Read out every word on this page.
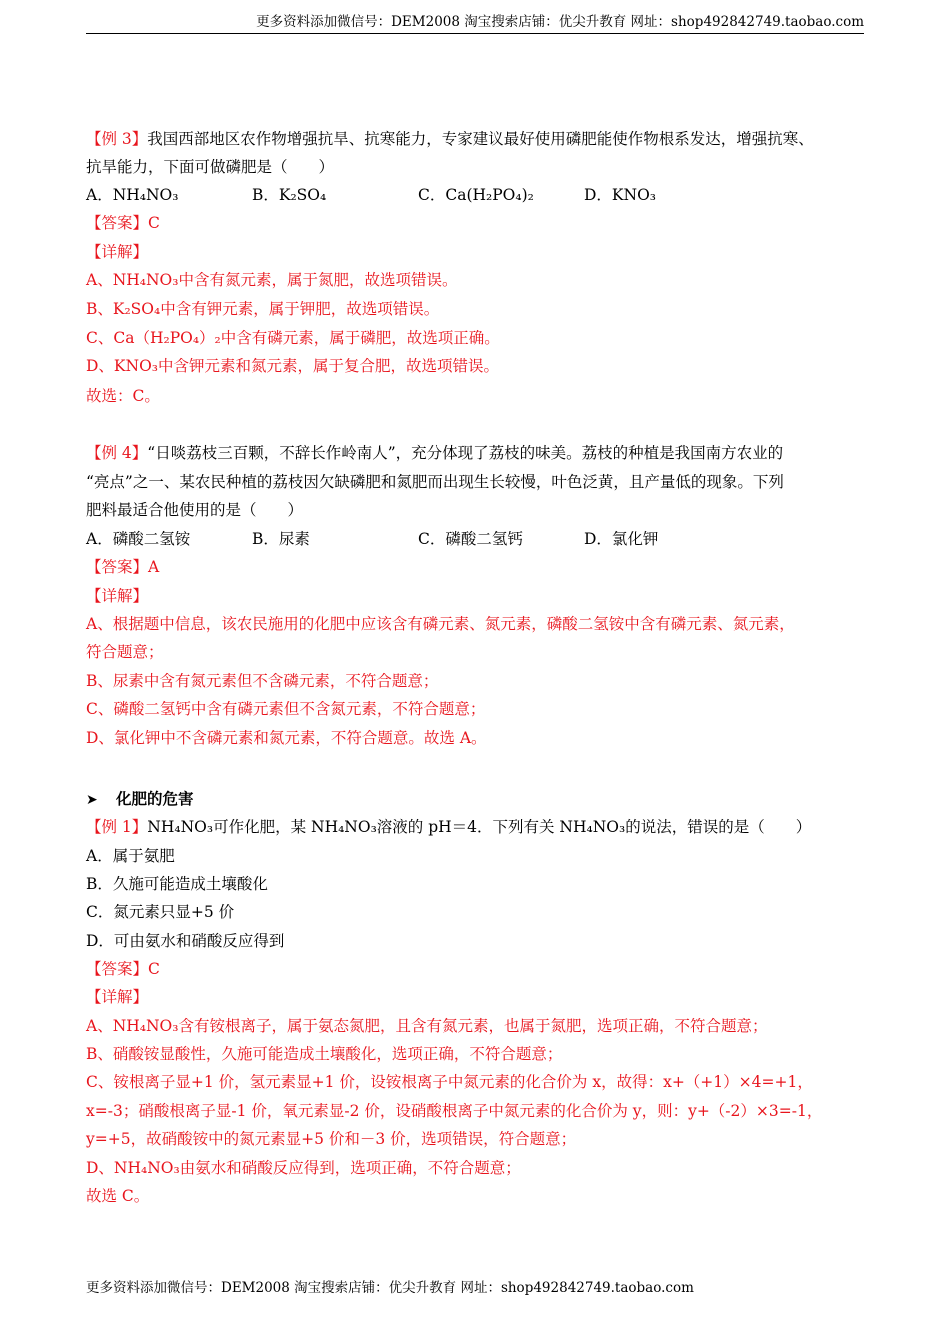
更多资料添加微信号：DEM2008 淘宝搜索店铺：优尖升教育 网址：shop492842749.taobao.com
【例 3】我国西部地区农作物增强抗旱、抗寒能力，专家建议最好使用磷肥能使作物根系发达，增强抗寒、
抗旱能力，下面可做磷肥是（　　）
A．NH₄NO₃	B．K₂SO₄	C．Ca(H₂PO₄)₂	D．KNO₃
【答案】C
【详解】
A、NH₄NO₃中含有氮元素，属于氮肥，故选项错误。
B、K₂SO₄中含有钾元素，属于钾肥，故选项错误。
C、Ca（H₂PO₄）₂中含有磷元素，属于磷肥，故选项正确。
D、KNO₃中含钾元素和氮元素，属于复合肥，故选项错误。
故选：C。
【例 4】“日啖荔枝三百颗，不辞长作岭南人”，充分体现了荔枝的味美。荔枝的种植是我国南方农业的
“亮点”之一、某农民种植的荔枝因欠缺磷肥和氮肥而出现生长较慢，叶色泛黄，且产量低的现象。下列
肥料最适合他使用的是（　　）
A．磷酸二氢铵	B．尿素	C．磷酸二氢钙	D．氯化钾
【答案】A
【详解】
A、根据题中信息，该农民施用的化肥中应该含有磷元素、氮元素，磷酸二氢铵中含有磷元素、氮元素，
符合题意；
B、尿素中含有氮元素但不含磷元素，不符合题意；
C、磷酸二氢钙中含有磷元素但不含氮元素，不符合题意；
D、氯化钾中不含磷元素和氮元素，不符合题意。故选 A。
➤ 化肥的危害
【例 1】NH₄NO₃可作化肥，某 NH₄NO₃溶液的 pH＝4．下列有关 NH₄NO₃的说法，错误的是（　　）
A．属于氨肥
B．久施可能造成土壤酸化
C．氮元素只显+5 价
D．可由氨水和硝酸反应得到
【答案】C
【详解】
A、NH₄NO₃含有铵根离子，属于氨态氮肥，且含有氮元素，也属于氮肥，选项正确，不符合题意；
B、硝酸铵显酸性，久施可能造成土壤酸化，选项正确，不符合题意；
C、铵根离子显+1 价，氢元素显+1 价，设铵根离子中氮元素的化合价为 x，故得：x+（+1）×4=+1，
x=-3；硝酸根离子显-1 价，氧元素显-2 价，设硝酸根离子中氮元素的化合价为 y，则：y+（-2）×3=-1，
y=+5，故硝酸铵中的氮元素显+5 价和－3 价，选项错误，符合题意；
D、NH₄NO₃由氨水和硝酸反应得到，选项正确，不符合题意；
故选 C。
更多资料添加微信号：DEM2008 淘宝搜索店铺：优尖升教育 网址：shop492842749.taobao.com
